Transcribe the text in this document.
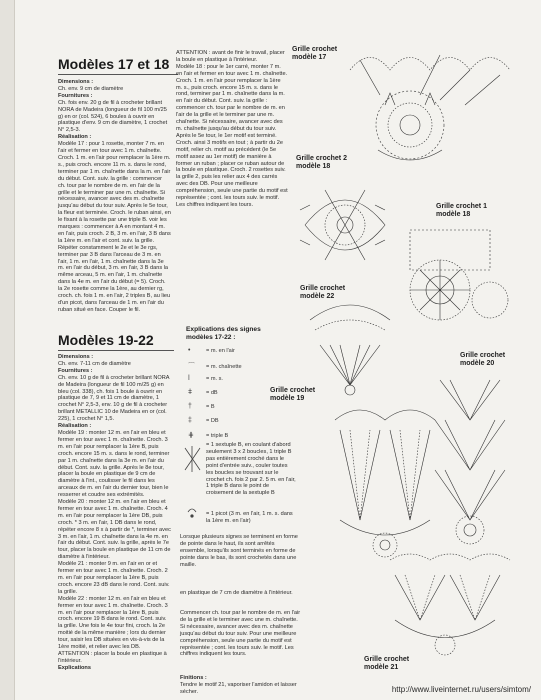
Modèles 17 et 18

Dimensions :

Ch. env. 9 cm de diamètre

Fournitures :

Ch. fois env. 20 g de fil à crocheter brillant NORA de Madeira (longueur de fil 100 m/25 g) en or (col. 524), 6 boules à ouvrir en plastique d'env. 9 cm de diamètre, 1 crochet N° 2,5-3.

Réalisation :

Modèle 17 : pour 1 rosette, monter 7 m. en l'air et fermer en tour avec 1 m. chaînette. Croch. 1 m. en l'air pour remplacer la 1ère m. s., puis croch. encore 11 m. s. dans le rond, terminer par 1 m. chaînette dans la m. en l'air du début. Cont. suiv. la grille : commencer ch. tour par le nombre de m. en l'air de la grille et le terminer par une m. chaînette. Si nécessaire, avancer avec des m. chaînette jusqu'au début du tour suiv. Après le 5e tour, la fleur est terminée. Croch. le ruban ainsi, en le fixant à la rosette par une triple B. voir les marques : commencer à A en montant 4 m. en l'air, puis croch. 2 B, 3 m. en l'air, 3 B dans la 1ère m. en l'air et cont. suiv. la grille. Répéter constamment le 2e et le 3e rgs, terminer par 3 B dans l'arceau de 3 m. en l'air, 1 m. en l'air, 1 m. chaînette dans la 3e m. en l'air du début, 3 m. en l'air, 3 B dans la même arceau, 5 m. en l'air, 1 m. chaînette dans la 4e m. en l'air du début (= 5). Croch. la 2e rosette comme la 1ère, au dernier rg, croch. ch. fois 1 m. en l'air, 2 triples B, au lieu d'un picot, dans l'arceau de 1 m. en l'air du ruban situé en face. Couper le fil.

ATTENTION : avant de finir le travail, placer la boule en plastique à l'intérieur.

Modèle 18 : pour le 1er carré, monter 7 m. en l'air et fermer en tour avec 1 m. chaînette. Croch. 1 m. en l'air pour remplacer la 1ère m. s., puis croch. encore 15 m. s. dans le rond, terminer par 1 m. chaînette dans la m. en l'air du début. Cont. suiv. la grille : commencer ch. tour par le nombre de m. en l'air de la grille et le terminer par une m. chaînette. Si nécessaire, avancer avec des m. chaînette jusqu'au début du tour suiv. Après le 5e tour, le 1er motif est terminé. Croch. ainsi 3 motifs en tout ; à partir du 2e motif, relier ch. motif au précédent (le 5e motif assez au 1er motif) de manière à former un ruban ; placer ce ruban autour de la boule en plastique. Croch. 2 rosettes suiv. la grille 2, puis les relier aux 4 des carrés avec des DB. Pour une meilleure compréhension, seule une partie du motif est représentée ; cont. les tours suiv. le motif. Les chiffres indiquent les tours.

Modèles 19-22

Dimensions :

Ch. env. 7-11 cm de diamètre

Fournitures :

Ch. env. 10 g de fil à crocheter brillant NORA de Madeira (longueur de fil 100 m/25 g) en bleu (col. 338), ch. fois 1 boule à ouvrir en plastique de 7, 9 et 11 cm de diamètre, 1 crochet N° 2,5-3, env. 10 g de fil à crocheter brillant METALLIC 10 de Madeira en or (col. 225), 1 crochet N° 1,5.

Réalisation :

Modèle 19 : monter 12 m. en l'air en bleu et fermer en tour avec 1 m. chaînette. Croch. 3 m. en l'air pour remplacer la 1ère B, puis croch. encore 15 m. s. dans le rond, terminer par 1 m. chaînette dans la 3e m. en l'air du début. Cont. suiv. la grille. Après le 8e tour, placer la boule en plastique de 9 cm de diamètre à l'int., coulisser le fil dans les arceaux de m. en l'air du dernier tour, bien le resserrer et coudre ses extrémités.

Modèle 20 : monter 12 m. en l'air en bleu et fermer en tour avec 1 m. chaînette. Croch. 4 m. en l'air pour remplacer la 1ère DB, puis croch. * 3 m. en l'air, 1 DB dans le rond, répéter encore 8 x à partir de *, terminer avec 3 m. en l'air, 1 m. chaînette dans la 4e m. en l'air du début. Cont. suiv. la grille, après le 7e tour, placer la boule en plastique de 11 cm de diamètre à l'intérieur.

Modèle 21 : monter 9 m. en l'air en or et fermer en tour avec 1 m. chaînette. Croch. 2 m. en l'air pour remplacer la 1ère B, puis croch. encore 23 dB dans le rond. Cont. suiv. la grille.

Modèle 22 : monter 12 m. en l'air en bleu et fermer en tour avec 1 m. chaînette. Croch. 3 m. en l'air pour remplacer la 1ère B, puis croch. encore 19 B dans le rond. Cont. suiv. la grille. Une fois le 4e tour fini, croch. la 2e moitié de la même manière ; lors du dernier tour, saisir les DB situées en vis-à-vis de la 1ère moitié, et relier avec les DB. ATTENTION : placer la boule en plastique à l'intérieur.

Explications

Explications des signes modèles 17-22 :
•	= m. en l'air
⌒ = m. chaînette
ǀ	= m. s.
ǂ = dB
†	= B
‡	= DB
⋕ = triple B

= 1 sextuple B, en coulant d'abord seulement 3 x 2 boucles, 1 triple B pas entièrement croché dans le point d'entrée suiv., couler toutes les boucles se trouvant sur le crochet ch. fois 2 par 2. 5 m. en l'air, 1 triple B dans le point de croisement de la sextuple B

= 1 picot (3 m. en l'air, 1 m. s. dans la 1ère m. en l'air)

Lorsque plusieurs signes se terminent en forme de pointe dans le haut, ils sont arrêtés ensemble, lorsqu'ils sont terminés en forme de pointe dans le bas, ils sont crochetés dans une maille.

en plastique de 7 cm de diamètre à l'intérieur.

Commencer ch. tour par le nombre de m. en l'air de la grille et le terminer avec une m. chaînette. Si nécessaire, avancer avec des m. chaînette jusqu'au début du tour suiv. Pour une meilleure compréhension, seule une partie du motif est représentée ; cont. les tours suiv. le motif. Les chiffres indiquent les tours.

Finitions :

Tendre le motif 21, vaporiser l'amidon et laisser sécher.

Grille crochet modèle 17
Grille crochet 2 modèle 18
Grille crochet 1 modèle 18
Grille crochet modèle 22
Grille crochet modèle 20
Grille crochet modèle 19
Grille crochet modèle 21
http://www.liveinternet.ru/users/simtom/
